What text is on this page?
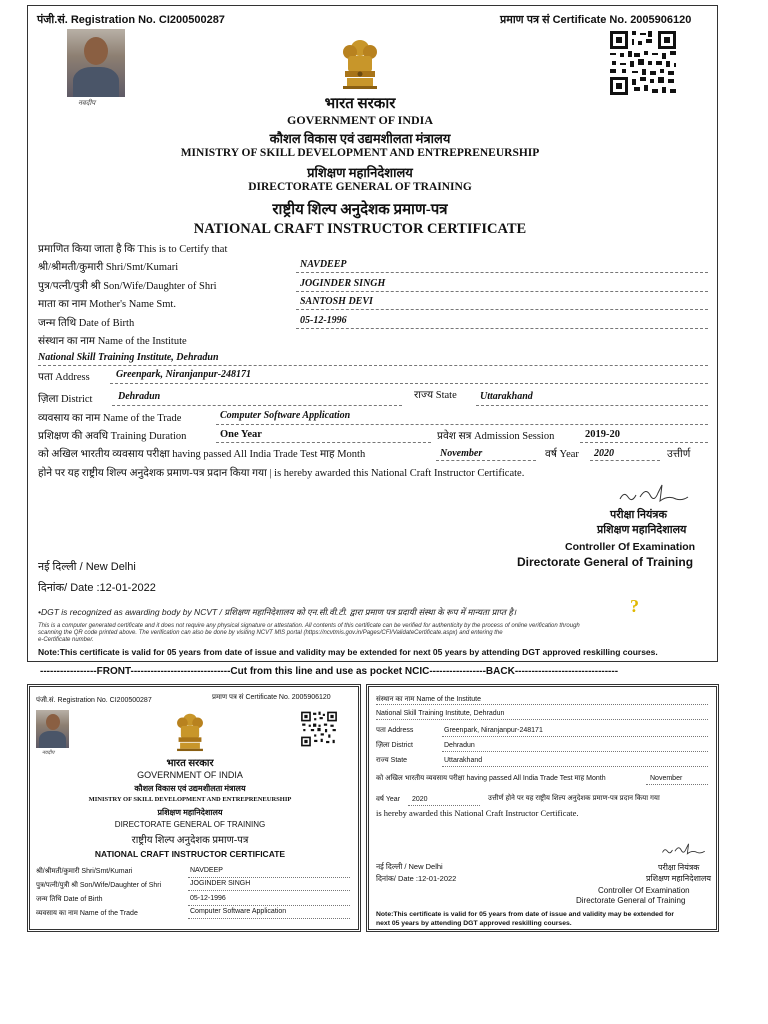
पंजी.सं. Registration No. CI200500287	प्रमाण पत्र सं Certificate No. 2005906120
नवदीप	भारत सरकार
GOVERNMENT OF INDIA
कौशल विकास एवं उद्यमशीलता मंत्रालय
MINISTRY OF SKILL DEVELOPMENT AND ENTREPRENEURSHIP
प्रशिक्षण महानिदेशालय
DIRECTORATE GENERAL OF TRAINING
राष्ट्रीय शिल्प अनुदेशक प्रमाण-पत्र
NATIONAL CRAFT INSTRUCTOR CERTIFICATE
प्रमाणित किया जाता है कि This is to Certify that
श्री/श्रीमती/कुमारी Shri/Smt/Kumari	NAVDEEP
पुत्र/पत्नी/पुत्री श्री Son/Wife/Daughter of Shri	JOGINDER SINGH
माता का नाम Mother's Name Smt.	SANTOSH DEVI
जन्म तिथि Date of Birth	05-12-1996
संस्थान का नाम Name of the Institute
National Skill Training Institute, Dehradun
पता Address	Greenpark, Niranjanpur-248171
ज़िला District	Dehradun	राज्य State Uttarakhand
व्यवसाय का नाम Name of the Trade	Computer Software Application
प्रशिक्षण की अवधि Training Duration	One Year	प्रवेश सत्र Admission Session	2019-20
को अखिल भारतीय व्यवसाय परीक्षा having passed All India Trade Test माह Month	November	वर्ष Year 2020	उत्तीर्ण
होने पर यह राष्ट्रीय शिल्प अनुदेशक प्रमाण-पत्र प्रदान किया गया | is hereby awarded this National Craft Instructor Certificate.
परीक्षा नियंत्रक
प्रशिक्षण महानिदेशालय
Controller Of Examination
Directorate General of Training
नई दिल्ली / New Delhi
दिनांक/ Date :12-01-2022
•DGT is recognized as awarding body by NCVT / प्रशिक्षण महानिदेशालय को एन.सी.वी.टी. द्वारा प्रमाण पत्र प्रदायी संस्था के रूप में मान्यता प्राप्त है।	?
This is a computer generated certificate and it does not require any physical signature or attestation. All contents of this certificate can be verified for authenticity by the process of online verification through
scanning the QR code printed above. The verification can also be done by visiting NCVT MIS portal (https://ncvtmis.gov.in/Pages/CFI/ValidateCertificate.aspx) and entering the
e-Certificate number.
Note:This certificate is valid for 05 years from date of issue and validity may be extended for next 05 years by attending DGT approved reskilling courses.
-----------------FRONT------------------------------Cut from this line and use as pocket NCIC-----------------BACK-------------------------------
पंजी.सं. Registration No. CI200500287	प्रमाण पत्र सं Certificate No. 2005906120
नवदीप
भारत सरकार
GOVERNMENT OF INDIA
कौशल विकास एवं उद्यमशीलता मंत्रालय
MINISTRY OF SKILL DEVELOPMENT AND ENTREPRENEURSHIP
प्रशिक्षण महानिदेशालय
DIRECTORATE GENERAL OF TRAINING
राष्ट्रीय शिल्प अनुदेशक प्रमाण-पत्र
NATIONAL CRAFT INSTRUCTOR CERTIFICATE
श्री/श्रीमती/कुमारी Shri/Smt/Kumari	NAVDEEP
पुत्र/पत्नी/पुत्री श्री Son/Wife/Daughter of Shri	JOGINDER SINGH
जन्म तिथि Date of Birth	05-12-1996
व्यवसाय का नाम Name of the Trade	Computer Software Application
संस्थान का नाम Name of the Institute
National Skill Training Institute, Dehradun
पता Address	Greenpark, Niranjanpur-248171
ज़िला District	Dehradun
राज्य State	Uttarakhand
को अखिल भारतीय व्यवसाय परीक्षा having passed All India Trade Test माह Month	November
वर्ष Year 2020	उत्तीर्ण होने पर यह राष्ट्रीय शिल्प अनुदेशक प्रमाण-पत्र प्रदान किया गया
is hereby awarded this National Craft Instructor Certificate.
परीक्षा नियंत्रक
प्रशिक्षण महानिदेशालय
नई दिल्ली / New Delhi
दिनांक/ Date :12-01-2022
Controller Of Examination
Directorate General of Training
Note:This certificate is valid for 05 years from date of issue and validity may be extended for
next 05 years by attending DGT approved reskilling courses.
